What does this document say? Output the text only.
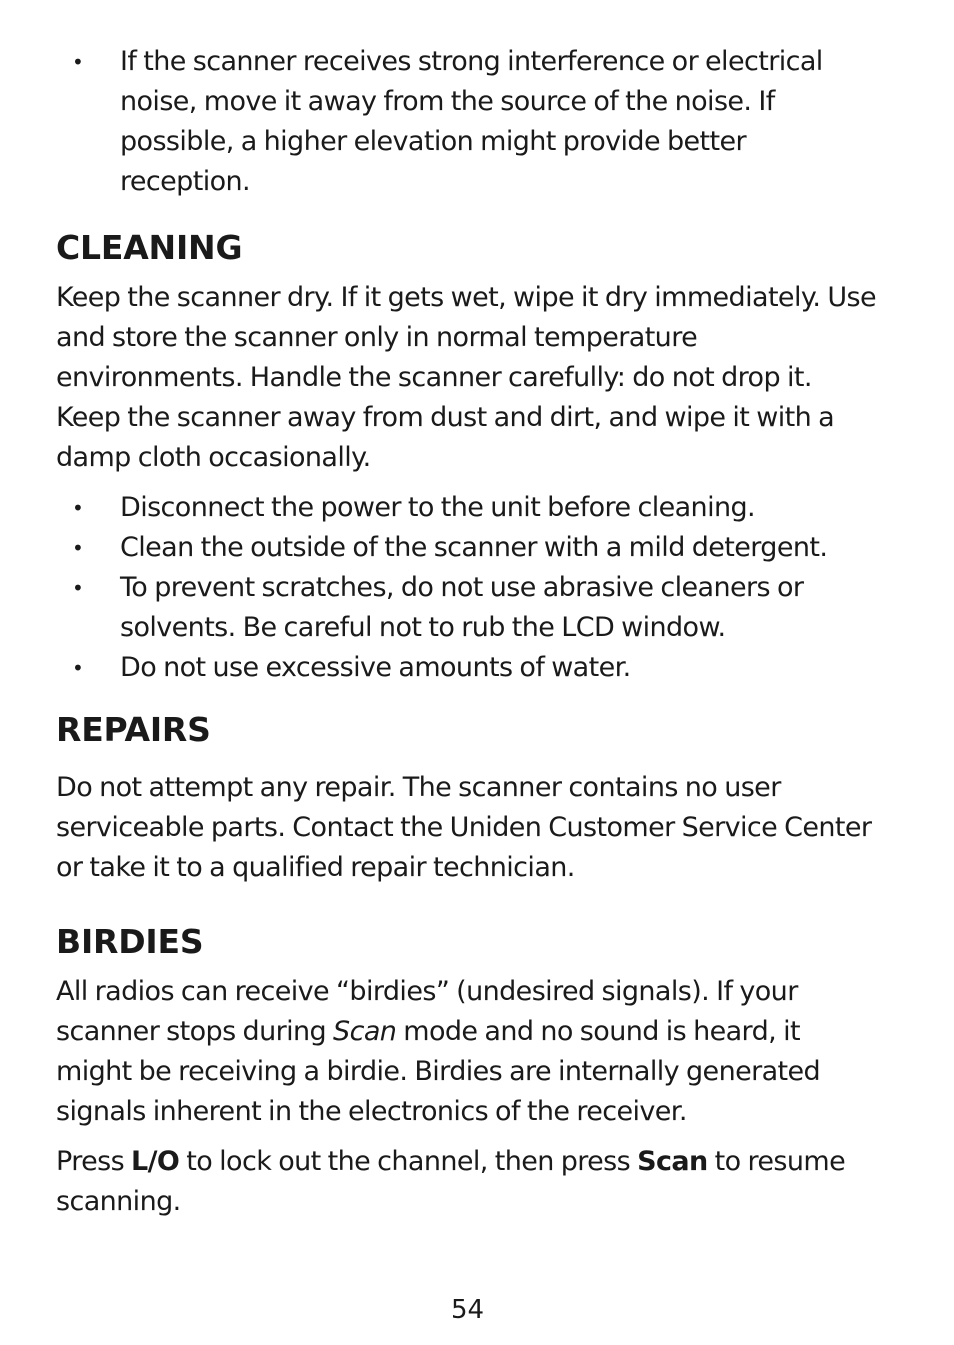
• If the scanner receives strong interference or electrical noise, move it away from the source of the noise. If possible, a higher elevation might provide better reception.
CLEANING

Keep the scanner dry. If it gets wet, wipe it dry immediately. Use and store the scanner only in normal temperature environments. Handle the scanner carefully: do not drop it. Keep the scanner away from dust and dirt, and wipe it with a damp cloth occasionally.

• Disconnect the power to the unit before cleaning.
• Clean the outside of the scanner with a mild detergent.
• To prevent scratches, do not use abrasive cleaners or solvents. Be careful not to rub the LCD window.
• Do not use excessive amounts of water.
REPAIRS

Do not attempt any repair. The scanner contains no user serviceable parts. Contact the Uniden Customer Service Center or take it to a qualified repair technician.

BIRDIES

All radios can receive “birdies” (undesired signals). If your scanner stops during Scan mode and no sound is heard, it might be receiving a birdie. Birdies are internally generated signals inherent in the electronics of the receiver.

Press L/O to lock out the channel, then press Scan to resume scanning.

54
